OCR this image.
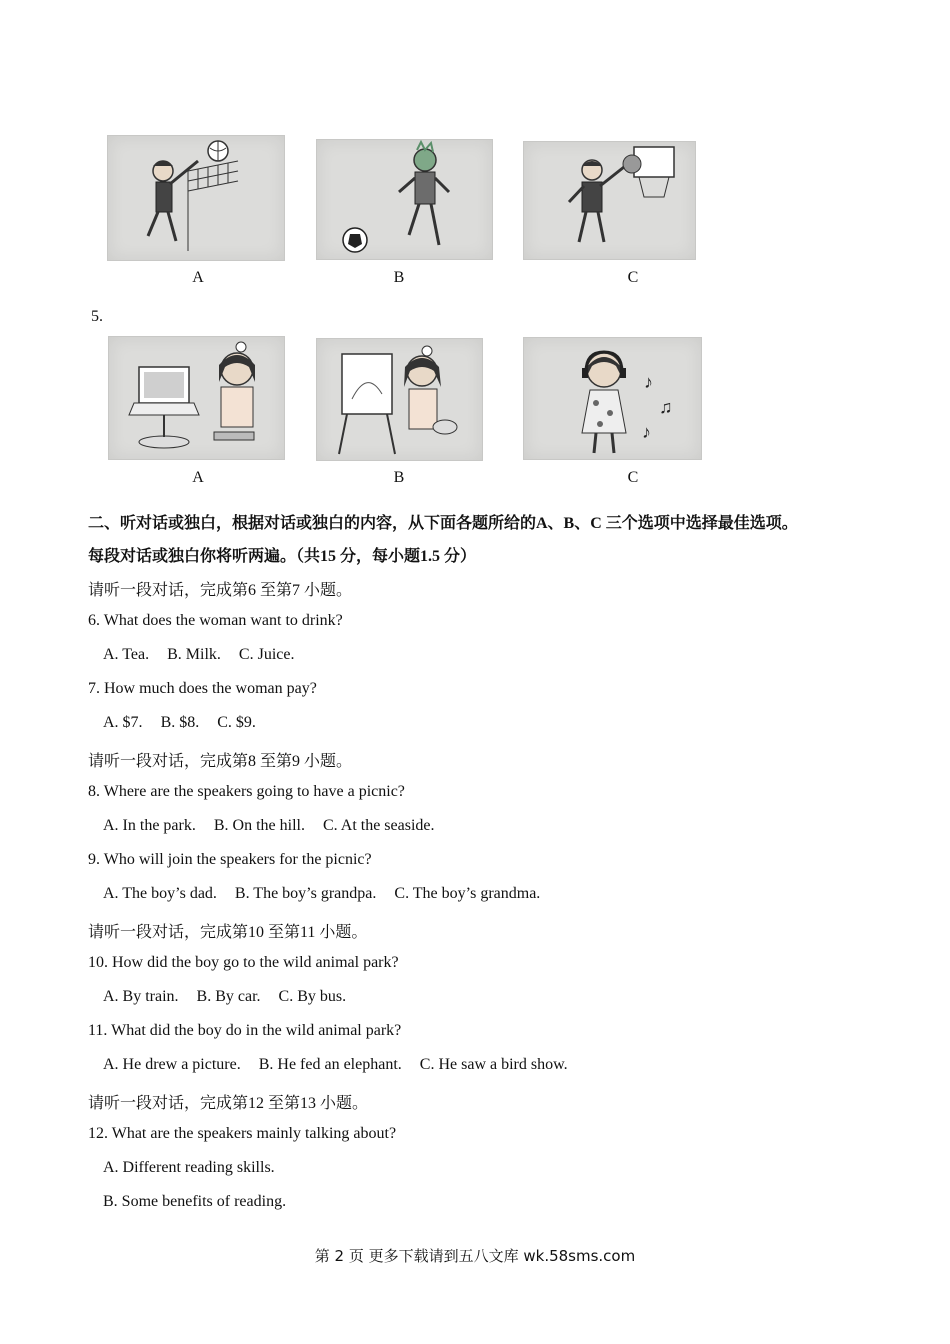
A	B	C
5.
♪
♫
♪
A	B	C
二、听对话或独白，根据对话或独白的内容，从下面各题所给的A、B、C 三个选项中选择最佳选项。
每段对话或独白你将听两遍。（共15 分，每小题1.5 分）
请听一段对话，完成第6 至第7 小题。
6. What does the woman want to drink?
A. Tea. B. Milk. C. Juice.
7. How much does the woman pay?
A. $7. B. $8. C. $9.
请听一段对话，完成第8 至第9 小题。
8. Where are the speakers going to have a picnic?
A. In the park. B. On the hill. C. At the seaside.
9. Who will join the speakers for the picnic?
A. The boy’s dad. B. The boy’s grandpa. C. The boy’s grandma.
请听一段对话，完成第10 至第11 小题。
10. How did the boy go to the wild animal park?
A. By train. B. By car. C. By bus.
11. What did the boy do in the wild animal park?
A. He drew a picture. B. He fed an elephant. C. He saw a bird show.
请听一段对话，完成第12 至第13 小题。
12. What are the speakers mainly talking about?
A. Different reading skills.
B. Some benefits of reading.
第 2 页 更多下载请到五八文库 wk.58sms.com
